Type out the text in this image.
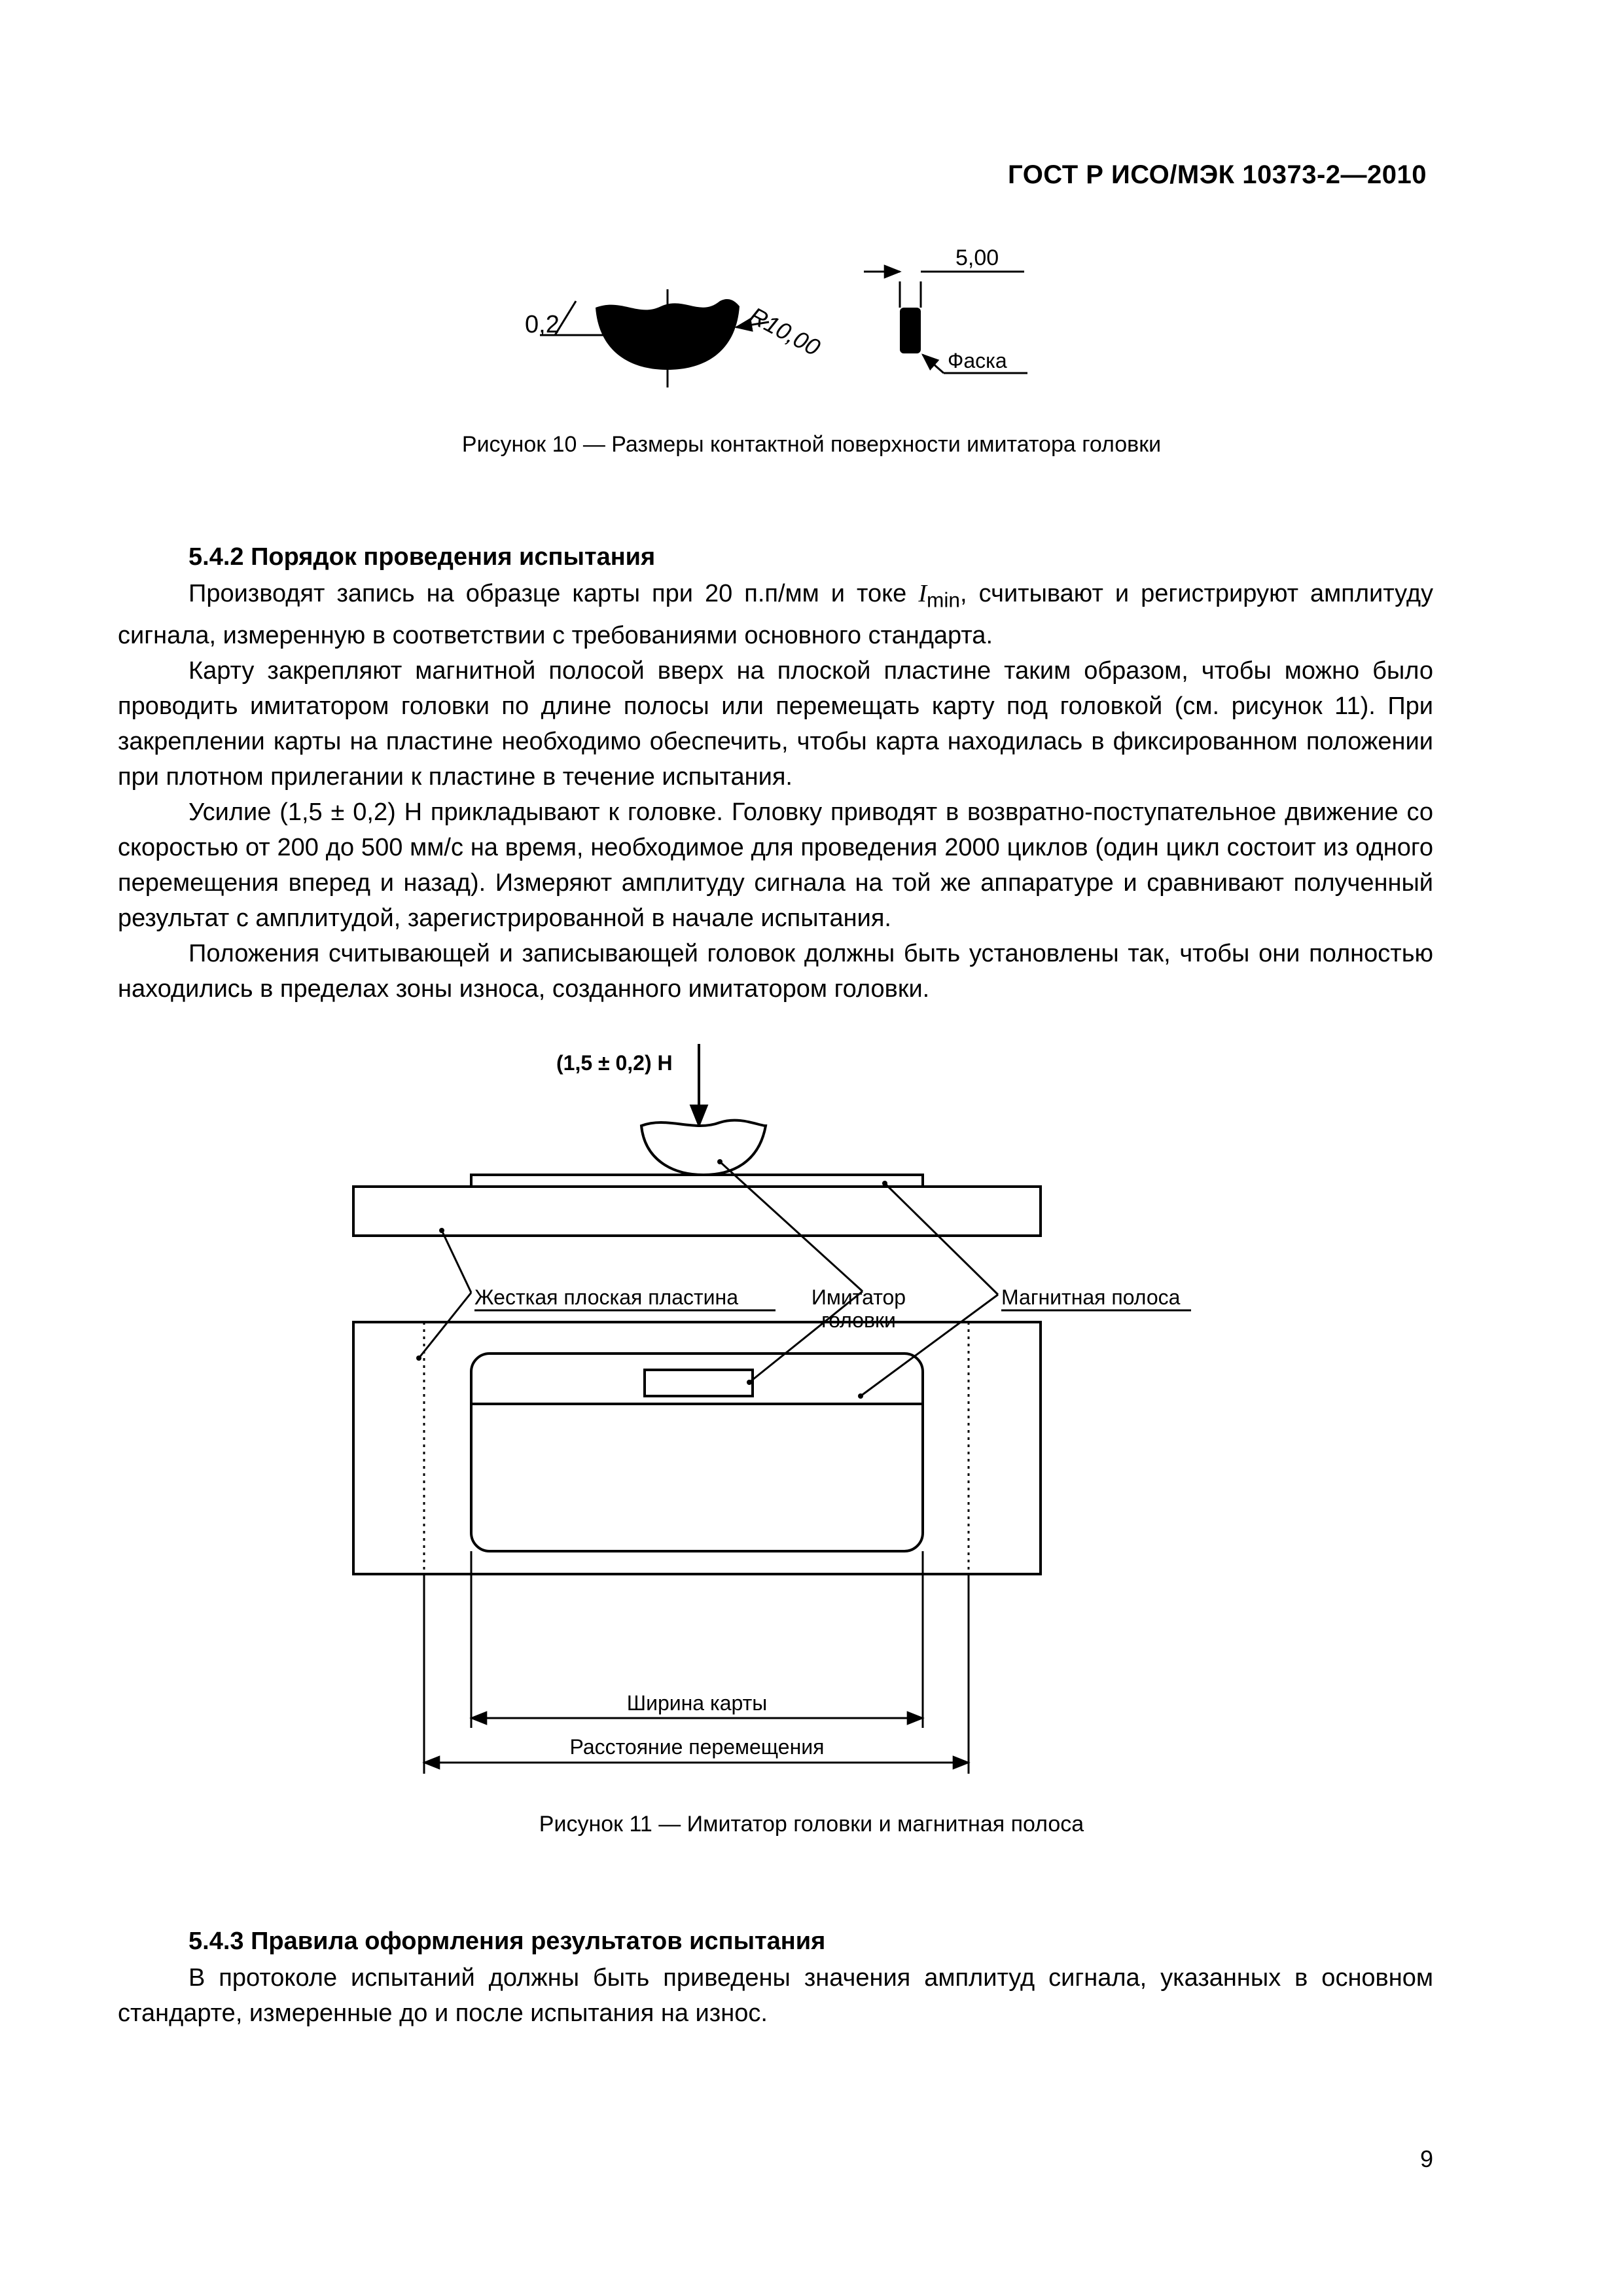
ГОСТ Р ИСО/МЭК 10373-2—2010
0,2	R10,00
5,00
Фаска
Рисунок 10 — Размеры контактной поверхности имитатора головки
5.4.2 Порядок проведения испытания

Производят запись на образце карты при 20 п.п/мм и токе $I_{min}$, считывают и регистрируют амплитуду сигнала, измеренную в соответствии с требованиями основного стандарта.

Карту закрепляют магнитной полосой вверх на плоской пластине таким образом, чтобы можно было проводить имитатором головки по длине полосы или перемещать карту под головкой (см. рисунок 11). При закреплении карты на пластине необходимо обеспечить, чтобы карта находилась в фиксированном положении при плотном прилегании к пластине в течение испытания.

Усилие (1,5 ± 0,2) Н прикладывают к головке. Головку приводят в возвратно-поступательное движение со скоростью от 200 до 500 мм/с на время, необходимое для проведения 2000 циклов (один цикл состоит из одного перемещения вперед и назад). Измеряют амплитуду сигнала на той же аппаратуре и сравнивают полученный результат с амплитудой, зарегистрированной в начале испытания.

Положения считывающей и записывающей головок должны быть установлены так, чтобы они полностью находились в пределах зоны износа, созданного имитатором головки.

(1,5 ± 0,2) Н
Жесткая плоская пластина	Имитатор
головки
Магнитная полоса
Ширина карты
Расстояние перемещения
Рисунок 11 — Имитатор головки и магнитная полоса
5.4.3 Правила оформления результатов испытания

В протоколе испытаний должны быть приведены значения амплитуд сигнала, указанных в основном стандарте, измеренные до и после испытания на износ.

9
